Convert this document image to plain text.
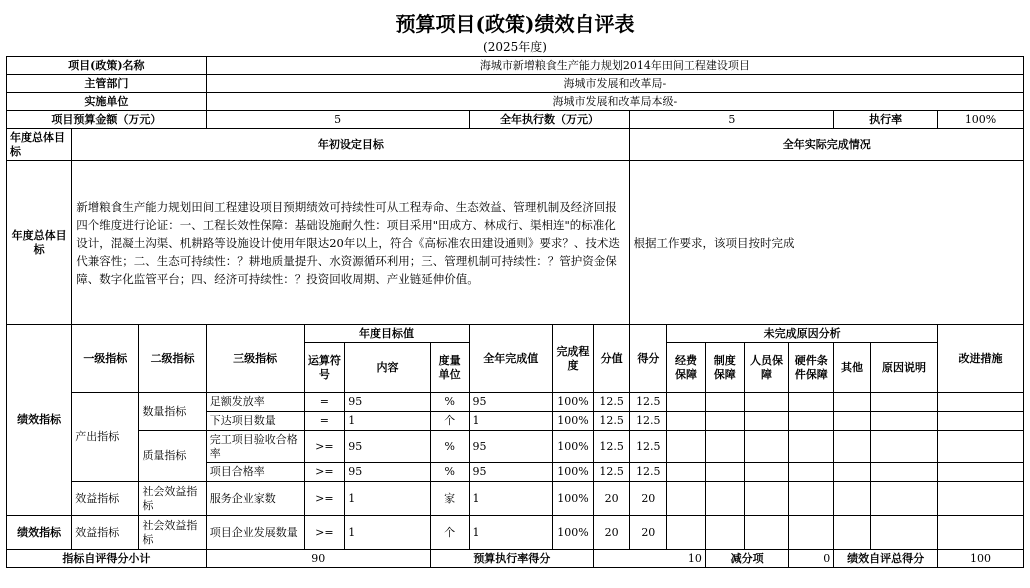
预算项目(政策)绩效自评表
(2025年度)
项目(政策)名称			海城市新增粮食生产能力规划2014年田间工程建设项目														
主管部门			海城市发展和改革局-														
实施单位			海城市发展和改革局本级-														
项目预算金额（万元）			5				全年执行数（万元）			5					执行率		100%
年度总体目标	年初设定目标									全年实际完成情况							
年度总体目标	新增粮食生产能力规划田间工程建设项目预期绩效可持续性可从工程寿命、生态效益、管理机制及经济回报四个维度进行论证：一、工程长效性保障：基础设施耐久性：项目采用"田成方、林成行、渠相连"的标准化设计，混凝土沟渠、机耕路等设施设计使用年限达20年以上，符合《高标准农田建设通则》要求？、技术迭代兼容性；二、生态可持续性：？耕地质量提升、水资源循环利用；三、管理机制可持续性：？管护资金保障、数字化监管平台；四、经济可持续性：？投资回收周期、产业链延伸价值。									根据工作要求，该项目按时完成							
绩效指标	一级指标	二级指标	三级指标	年度目标值			全年完成值	完成程度	分值	得分	未完成原因分析						改进措施
				运算符号	内容	度量单位					经费保障	制度保障	人员保障	硬件条件保障	其他	原因说明	

	产出指标	数量指标	足额发放率	=	95	%	95	100%	12.5	12.5							
			下达项目数量	=	1	个	1	100%	12.5	12.5							
		质量指标	完工项目验收合格率	>=	95	%	95	100%	12.5	12.5							
			项目合格率	>=	95	%	95	100%	12.5	12.5							
	效益指标	社会效益指标	服务企业家数	>=	1	家	1	100%	20	20							
绩效指标	效益指标	社会效益指标	项目企业发展数量	>=	1	个	1	100%	20	20							
指标自评得分小计			90			预算执行率得分			10			减分项		0	绩效自评总得分		100
